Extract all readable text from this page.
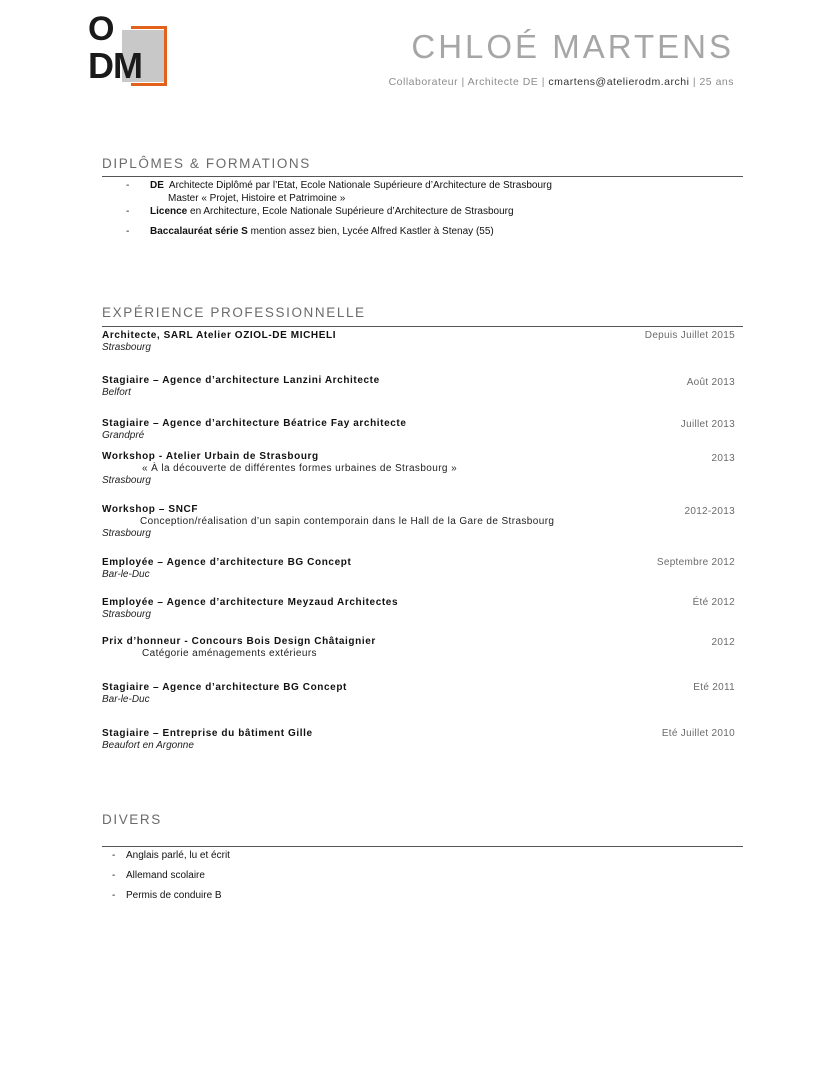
O
DM	CHLOÉ MARTENS
Collaborateur | Architecte DE | cmartens@atelierodm.archi | 25 ans
DIPLÔMES & FORMATIONS
- DE Architecte Diplômé par l’Etat, Ecole Nationale Supérieure d’Architecture de Strasbourg
Master « Projet, Histoire et Patrimoine »
- Licence en Architecture, Ecole Nationale Supérieure d’Architecture de Strasbourg
- Baccalauréat série S mention assez bien, Lycée Alfred Kastler à Stenay (55)
EXPÉRIENCE PROFESSIONNELLE
Architecte, SARL Atelier OZIOL-DE MICHELI	Depuis Juillet 2015
Strasbourg
Stagiaire – Agence d’architecture Lanzini Architecte	Août 2013
Belfort
Stagiaire – Agence d’architecture Béatrice Fay architecte	Juillet 2013
Grandpré
Workshop - Atelier Urbain de Strasbourg	2013
« À la découverte de différentes formes urbaines de Strasbourg »
Strasbourg
Workshop – SNCF	2012-2013
Conception/réalisation d’un sapin contemporain dans le Hall de la Gare de Strasbourg
Strasbourg
Employée – Agence d’architecture BG Concept	Septembre 2012
Bar-le-Duc
Employée – Agence d’architecture Meyzaud Architectes	Été 2012
Strasbourg
Prix d’honneur - Concours Bois Design Châtaignier	2012
Catégorie aménagements extérieurs
Stagiaire – Agence d’architecture BG Concept	Eté 2011
Bar-le-Duc
Stagiaire – Entreprise du bâtiment Gille	Eté Juillet 2010
Beaufort en Argonne
DIVERS
- Anglais parlé, lu et écrit
- Allemand scolaire
- Permis de conduire B
